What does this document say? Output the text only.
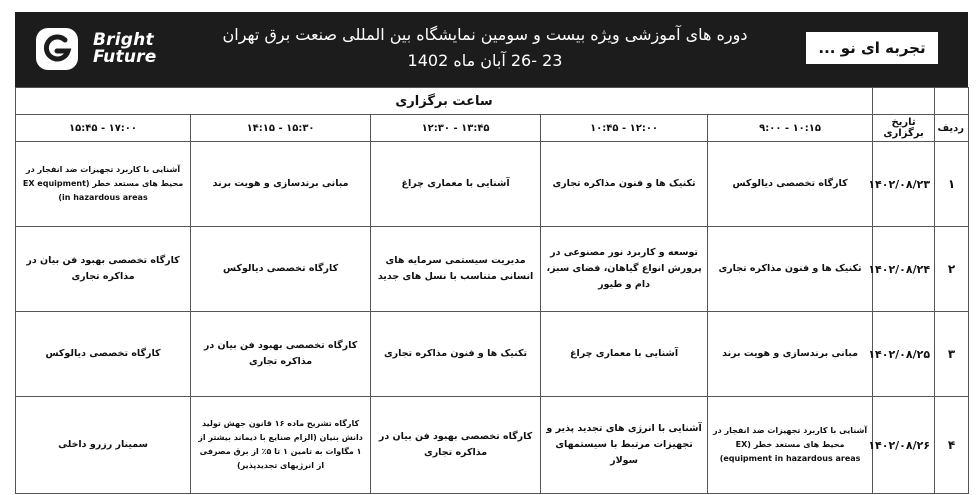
Bright
Future
دوره های آموزشی ویژه بیست و سومین نمایشگاه بین المللی صنعت برق تهران
23 -26 آبان ماه 1402
تجربه ای نو ...
		ساعت برگزاری				
ردیف	تاریخ برگزاری	۱۰:۱۵ - ۹:۰۰	۱۲:۰۰ - ۱۰:۴۵	۱۳:۴۵ - ۱۲:۳۰	۱۵:۳۰ - ۱۴:۱۵	۱۷:۰۰ - ۱۵:۴۵
۱	۱۴۰۲/۰۸/۲۳	کارگاه تخصصی دیالوکس	تکنیک ها و فنون مذاکره تجاری	آشنایی با معماری چراغ	مبانی برندسازی و هویت برند	آشنایی با کاربرد تجهیزات ضد انفجار در محیط های مستعد خطر (EX equipment in hazardous areas)
۲	۱۴۰۲/۰۸/۲۴	تکنیک ها و فنون مذاکره تجاری	توسعه و کاربرد نور مصنوعی در پرورش انواع گیاهان، فضای سبز، دام و طیور	مدیریت سیستمی سرمایه های انسانی متناسب با نسل های جدید	کارگاه تخصصی دیالوکس	کارگاه تخصصی بهبود فن بیان در مذاکره تجاری
۳	۱۴۰۲/۰۸/۲۵	مبانی برندسازی و هویت برند	آشنایی با معماری چراغ	تکنیک ها و فنون مذاکره تجاری	کارگاه تخصصی بهبود فن بیان در مذاکره تجاری	کارگاه تخصصی دیالوکس
۴	۱۴۰۲/۰۸/۲۶	آشنایی با کاربرد تجهیزات ضد انفجار در محیط های مستعد خطر (EX equipment in hazardous areas)	آشنایی با انرژی های تجدید پذیر و تجهیزات مرتبط با سیستمهای سولار	کارگاه تخصصی بهبود فن بیان در مذاکره تجاری	کارگاه تشریح ماده ۱۶ قانون جهش تولید دانش بنیان (الزام صنایع با دیماند بیشتر از ۱ مگاوات به تامین ۱ تا ۵٪ از برق مصرفی از انرژیهای تجدیدپذیر)	سمینار رزرو داخلی
